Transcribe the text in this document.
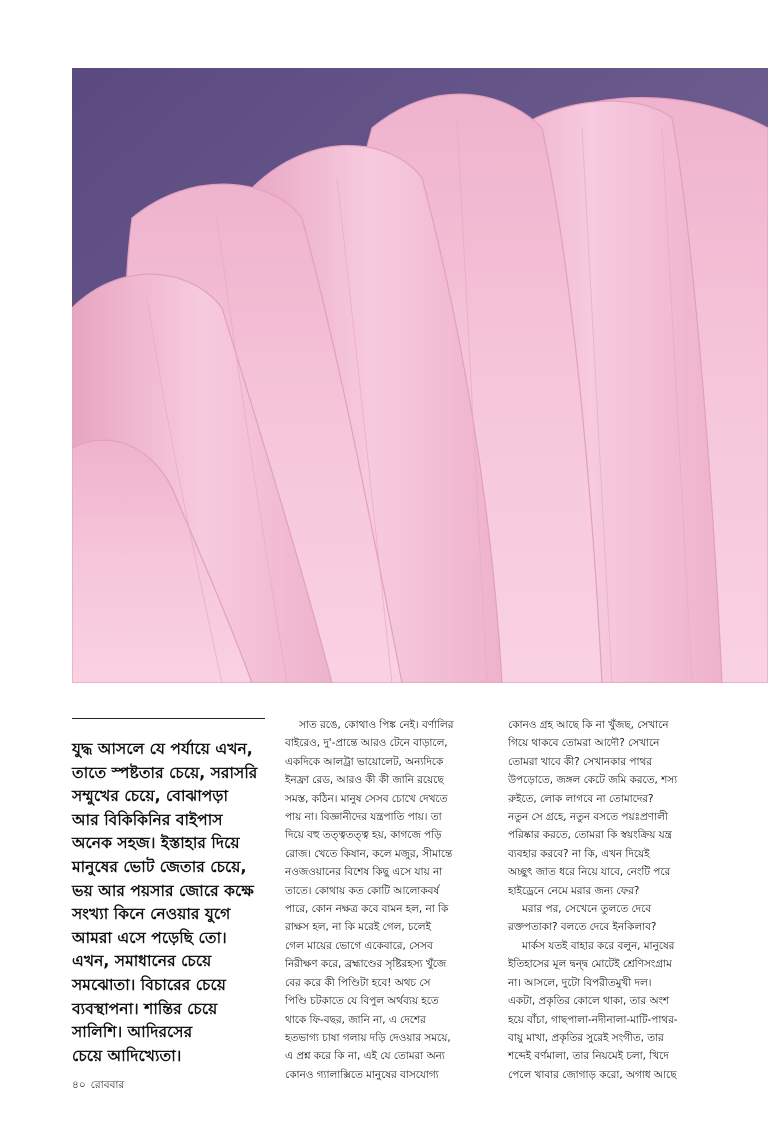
যুদ্ধ আসলে যে পর্যায়ে এখন,
তাতে স্পষ্টতার চেয়ে, সরাসরি
সম্মুখের চেয়ে, বোঝাপড়া
আর বিকিকিনির বাইপাস
অনেক সহজ। ইস্তাহার দিয়ে
মানুষের ভোট জেতার চেয়ে,
ভয় আর পয়সার জোরে কক্ষে
সংখ্যা কিনে নেওয়ার যুগে
আমরা এসে পড়েছি তো।
এখন, সমাধানের চেয়ে
সমঝোতা। বিচারের চেয়ে
ব্যবস্থাপনা। শান্তির চেয়ে
সালিশি। আদিরসের
চেয়ে আদিখ্যেতা।
সাত রঙে, কোথাও পিঙ্ক নেই। বর্ণালির
বাইরেও, দু'-প্রান্তে আরও টেনে বাড়ালে,
একদিকে আলট্রা ভায়োলেট, অন্যদিকে
ইনফ্রা রেড, আরও কী কী জানি রয়েছে
সমস্ত, কঠিন। মানুষ সেসব চোখে দেখতে
পায় না। বিজ্ঞানীদের যন্ত্রপাতি পায়। তা
দিয়ে বহু তত্ত্বতত্ত্ব হয়, কাগজে পড়ি
রোজ। খেতে কিষান, কলে মজুর, সীমান্তে
নওজওয়ানের বিশেষ কিছু এসে যায় না
তাতে। কোথায় কত কোটি আলোকবর্ষ
পারে, কোন নক্ষত্র কবে বামন হল, না কি
রাক্ষস হল, না কি মরেই গেল, চলেই
গেল মায়ের ভোগে একেবারে, সেসব
নিরীক্ষণ করে, ব্রহ্মাণ্ডের সৃষ্টিরহস্য খুঁজে
বের করে কী পিণ্ডিটা হবে! অথচ সে
পিণ্ডি চটকাতে যে বিপুল অর্থব্যয় হতে
থাকে ফি-বছর, জানি না, এ দেশের
হতভাগ্য চাষা গলায় দড়ি দেওয়ার সময়ে,
এ প্রশ্ন করে কি না, এই যে তোমরা অন্য
কোনও গ্যালাক্সিতে মানুষের বাসযোগ্য
কোনও গ্রহ আছে কি না খুঁজছ, সেখানে
গিয়ে থাকবে তোমরা আদৌ? সেখানে
তোমরা খাবে কী? সেখানকার পাথর
উপড়োতে, জঙ্গল কেটে জমি করতে, শস্য
রুইতে, লোক লাগবে না তোমাদের?
নতুন সে গ্রহে, নতুন বসতে পয়ঃপ্রণালী
পরিষ্কার করতে, তোমরা কি স্বয়ংক্রিয় যন্ত্র
ব্যবহার করবে? না কি, এখন দিয়েই
অচ্ছুৎ জাত ধরে নিয়ে যাবে, নেংটি পরে
হাইড্রেনে নেমে মরার জন্য ফের?
মরার পর, সেখেনে তুলতে দেবে
রক্তপতাকা? বলতে দেবে ইনকিলাব?
মার্কস যতই বাহার করে বলুন, মানুষের
ইতিহাসের মূল দ্বন্দ্ব মোটেই শ্রেণিসংগ্রাম
না। আসলে, দুটো বিপরীতমুখী দল।
একটা, প্রকৃতির কোলে থাকা, তার অংশ
হয়ে বাঁচা, গাছপালা-নদীনালা-মাটি-পাথর-
বায়ু মাখা, প্রকৃতির সুরেই সংগীত, তার
শব্দেই বর্ণমালা, তার নিয়মেই চলা, খিদে
পেলে খাবার জোগাড় করো, অগাধ আছে
৪০ রোববার
